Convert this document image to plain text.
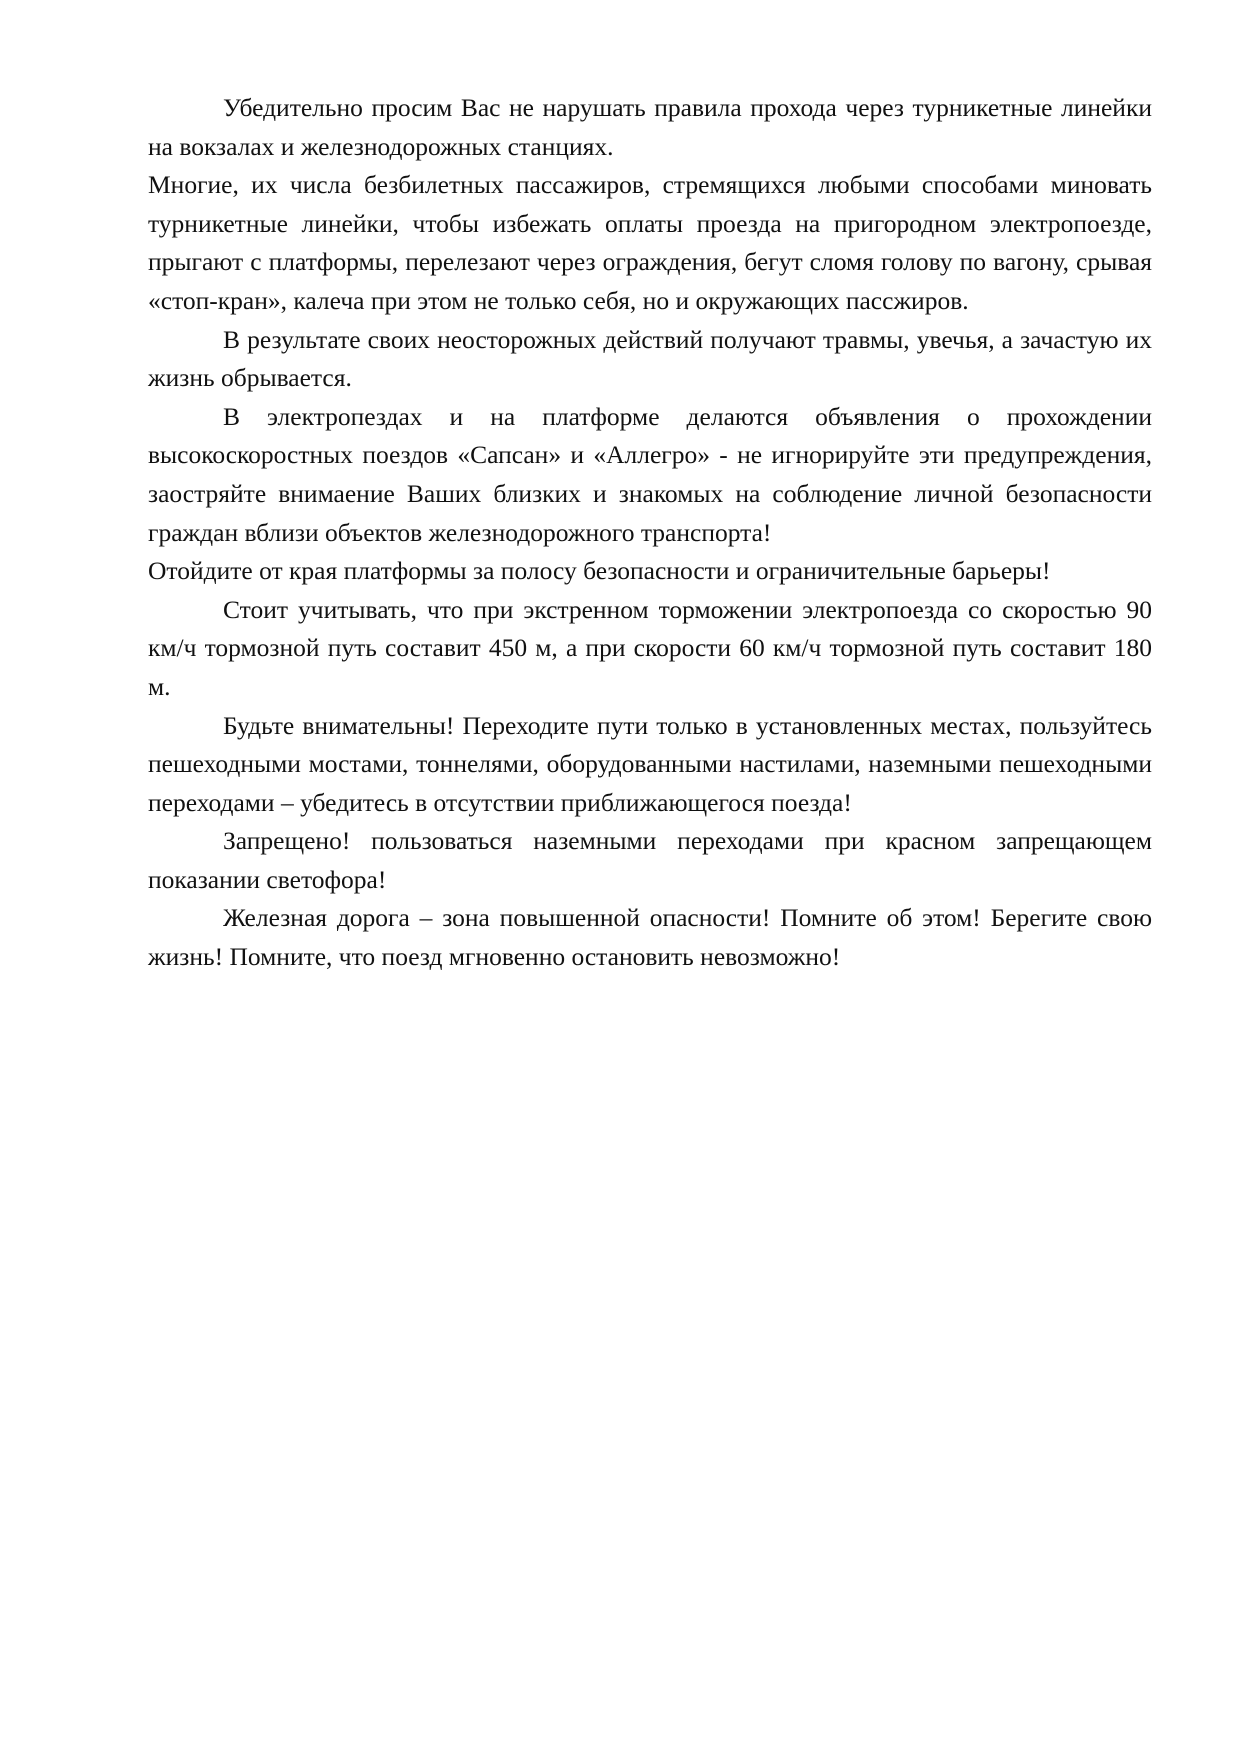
Убедительно просим Вас не нарушать правила прохода через турникетные линейки на вокзалах и железнодорожных станциях.

Многие, их числа безбилетных пассажиров, стремящихся любыми способами миновать турникетные линейки, чтобы избежать оплаты проезда на пригородном электропоезде, прыгают с платформы, перелезают через ограждения, бегут сломя голову по вагону, срывая «стоп-кран», калеча при этом не только себя, но и окружающих пассжиров.

В результате своих неосторожных действий получают травмы, увечья, а зачастую их жизнь обрывается.

В электропездах и на платформе делаются объявления о прохождении высокоскоростных поездов «Сапсан» и «Аллегро» - не игнорируйте эти предупреждения, заостряйте внимаение Ваших близких и знакомых на соблюдение личной безопасности граждан вблизи объектов железнодорожного транспорта!

Отойдите от края платформы за полосу безопасности и ограничительные барьеры!

Стоит учитывать, что при экстренном торможении электропоезда со скоростью 90 км/ч тормозной путь составит 450 м, а при скорости 60 км/ч тормозной путь составит 180 м.

Будьте внимательны! Переходите пути только в установленных местах, пользуйтесь пешеходными мостами, тоннелями, оборудованными настилами, наземными пешеходными переходами – убедитесь в отсутствии приближающегося поезда!

Запрещено! пользоваться наземными переходами при красном запрещающем показании светофора!

Железная дорога – зона повышенной опасности! Помните об этом! Берегите свою жизнь! Помните, что поезд мгновенно остановить невозможно!
